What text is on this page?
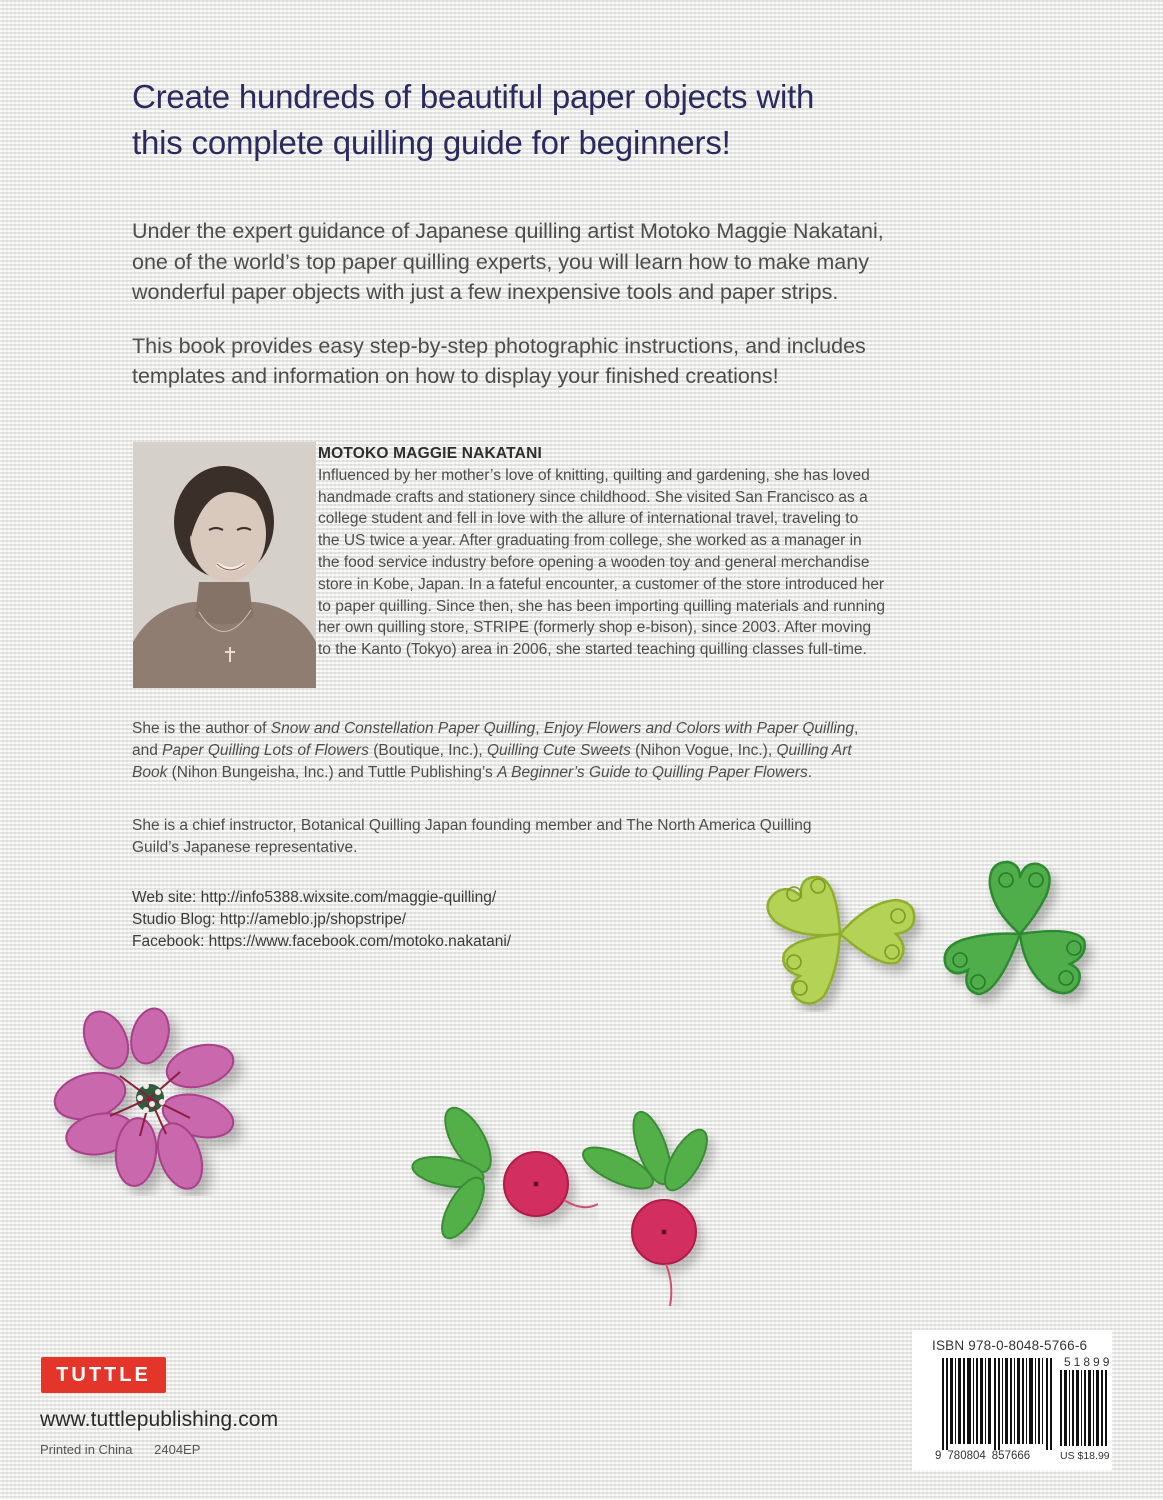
Create hundreds of beautiful paper objects with
this complete quilling guide for beginners!

Under the expert guidance of Japanese quilling artist Motoko Maggie Nakatani,
one of the world’s top paper quilling experts, you will learn how to make many
wonderful paper objects with just a few inexpensive tools and paper strips.

This book provides easy step-by-step photographic instructions, and includes
templates and information on how to display your finished creations!

MOTOKO MAGGIE NAKATANI
Influenced by her mother’s love of knitting, quilting and gardening, she has loved
handmade crafts and stationery since childhood. She visited San Francisco as a
college student and fell in love with the allure of international travel, traveling to
the US twice a year. After graduating from college, she worked as a manager in
the food service industry before opening a wooden toy and general merchandise
store in Kobe, Japan. In a fateful encounter, a customer of the store introduced her
to paper quilling. Since then, she has been importing quilling materials and running
her own quilling store, STRIPE (formerly shop e-bison), since 2003. After moving
to the Kanto (Tokyo) area in 2006, she started teaching quilling classes full-time.
She is the author of Snow and Constellation Paper Quilling, Enjoy Flowers and Colors with Paper Quilling,
and Paper Quilling Lots of Flowers (Boutique, Inc.), Quilling Cute Sweets (Nihon Vogue, Inc.), Quilling Art
Book (Nihon Bungeisha, Inc.) and Tuttle Publishing’s A Beginner’s Guide to Quilling Paper Flowers.
She is a chief instructor, Botanical Quilling Japan founding member and The North America Quilling
Guild’s Japanese representative.
Web site: http://info5388.wixsite.com/maggie-quilling/
Studio Blog: http://ameblo.jp/shopstripe/
Facebook: https://www.facebook.com/motoko.nakatani/
TUTTLE
www.tuttlepublishing.com
Printed in China 2404EP
ISBN 978-0-8048-5766-6
51899
9 780804 857666	US $18.99
